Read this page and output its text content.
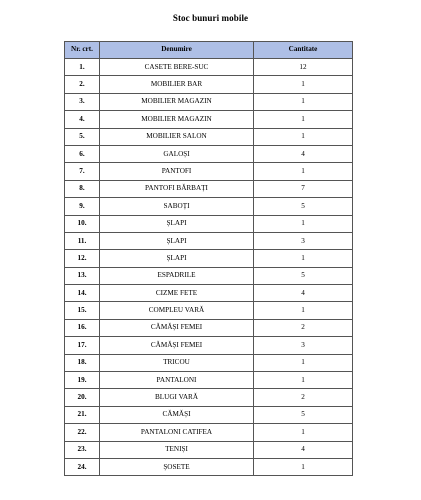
Stoc bunuri mobile
Nr. crt.	Denumire	Cantitate
1.	CASETE BERE-SUC	12
2.	MOBILIER BAR	1
3.	MOBILIER MAGAZIN	1
4.	MOBILIER MAGAZIN	1
5.	MOBILIER SALON	1
6.	GALOȘI	4
7.	PANTOFI	1
8.	PANTOFI BĂRBAȚI	7
9.	SABOȚI	5
10.	ȘLAPI	1
11.	ȘLAPI	3
12.	ȘLAPI	1
13.	ESPADRILE	5
14.	CIZME FETE	4
15.	COMPLEU VARĂ	1
16.	CĂMĂȘI FEMEI	2
17.	CĂMĂȘI FEMEI	3
18.	TRICOU	1
19.	PANTALONI	1
20.	BLUGI VARĂ	2
21.	CĂMĂȘI	5
22.	PANTALONI CATIFEA	1
23.	TENIȘI	4
24.	ȘOSETE	1
